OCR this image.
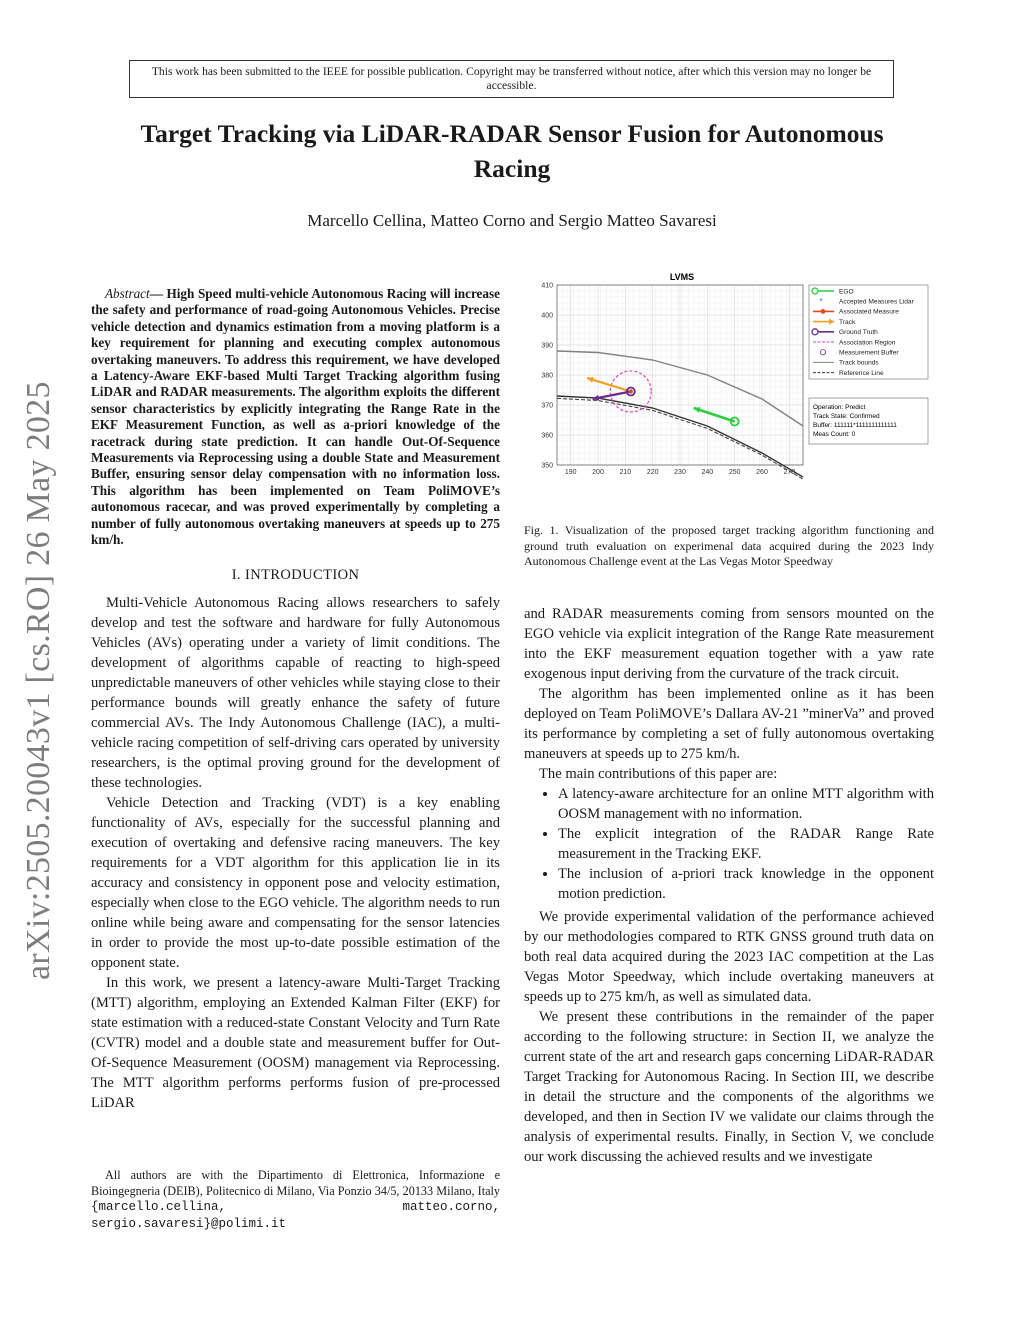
This work has been submitted to the IEEE for possible publication. Copyright may be transferred without notice, after which this version may no longer be accessible.
Target Tracking via LiDAR-RADAR Sensor Fusion for Autonomous
Racing
Marcello Cellina, Matteo Corno and Sergio Matteo Savaresi
arXiv:2505.20043v1 [cs.RO] 26 May 2025
Abstract— High Speed multi-vehicle Autonomous Racing will increase the safety and performance of road-going Autonomous Vehicles. Precise vehicle detection and dynamics estimation from a moving platform is a key requirement for planning and executing complex autonomous overtaking maneuvers. To address this requirement, we have developed a Latency-Aware EKF-based Multi Target Tracking algorithm fusing LiDAR and RADAR measurements. The algorithm exploits the different sensor characteristics by explicitly integrating the Range Rate in the EKF Measurement Function, as well as a-priori knowledge of the racetrack during state prediction. It can handle Out-Of-Sequence Measurements via Reprocessing using a double State and Measurement Buffer, ensuring sensor delay compensation with no information loss. This algorithm has been implemented on Team PoliMOVE’s autonomous racecar, and was proved experimentally by completing a number of fully autonomous overtaking maneuvers at speeds up to 275 km/h.
I. INTRODUCTION

Multi-Vehicle Autonomous Racing allows researchers to safely develop and test the software and hardware for fully Autonomous Vehicles (AVs) operating under a variety of limit conditions. The development of algorithms capable of reacting to high-speed unpredictable maneuvers of other vehicles while staying close to their performance bounds will greatly enhance the safety of future commercial AVs. The Indy Autonomous Challenge (IAC), a multi-vehicle racing competition of self-driving cars operated by university researchers, is the optimal proving ground for the development of these technologies.

Vehicle Detection and Tracking (VDT) is a key enabling functionality of AVs, especially for the successful planning and execution of overtaking and defensive racing maneuvers. The key requirements for a VDT algorithm for this application lie in its accuracy and consistency in opponent pose and velocity estimation, especially when close to the EGO vehicle. The algorithm needs to run online while being aware and compensating for the sensor latencies in order to provide the most up-to-date possible estimation of the opponent state.

In this work, we present a latency-aware Multi-Target Tracking (MTT) algorithm, employing an Extended Kalman Filter (EKF) for state estimation with a reduced-state Constant Velocity and Turn Rate (CVTR) model and a double state and measurement buffer for Out-Of-Sequence Measurement (OOSM) management via Reprocessing. The MTT algorithm performs performs fusion of pre-processed LiDAR

All authors are with the Dipartimento di Elettronica, Informazione e Bioingegneria (DEIB), Politecnico di Milano, Via Ponzio 34/5, 20133 Milano, Italy {marcello.cellina, matteo.corno, sergio.savaresi}@polimi.it
LVMS
190 200 210 220 230 240 250 260 270
350
360
370
380
390
400
410
EGO
* Accepted Measures Lidar
Associated Measure
Track
Ground Truth
Association Region
Measurement Buffer
Track bounds
Reference Line
Operation: Predict
Track State: Confirmed
Buffer: 111111*1111111111111
Meas Count: 0
Fig. 1. Visualization of the proposed target tracking algorithm functioning and ground truth evaluation on experimenal data acquired during the 2023 Indy Autonomous Challenge event at the Las Vegas Motor Speedway

and RADAR measurements coming from sensors mounted on the EGO vehicle via explicit integration of the Range Rate measurement into the EKF measurement equation together with a yaw rate exogenous input deriving from the curvature of the track circuit.

The algorithm has been implemented online as it has been deployed on Team PoliMOVE’s Dallara AV-21 ”minerVa” and proved its performance by completing a set of fully autonomous overtaking maneuvers at speeds up to 275 km/h.

The main contributions of this paper are:

• A latency-aware architecture for an online MTT algorithm with OOSM management with no information.
• The explicit integration of the RADAR Range Rate measurement in the Tracking EKF.
• The inclusion of a-priori track knowledge in the opponent motion prediction.

We provide experimental validation of the performance achieved by our methodologies compared to RTK GNSS ground truth data on both real data acquired during the 2023 IAC competition at the Las Vegas Motor Speedway, which include overtaking maneuvers at speeds up to 275 km/h, as well as simulated data.

We present these contributions in the remainder of the paper according to the following structure: in Section II, we analyze the current state of the art and research gaps concerning LiDAR-RADAR Target Tracking for Autonomous Racing. In Section III, we describe in detail the structure and the components of the algorithms we developed, and then in Section IV we validate our claims through the analysis of experimental results. Finally, in Section V, we conclude our work discussing the achieved results and we investigate
